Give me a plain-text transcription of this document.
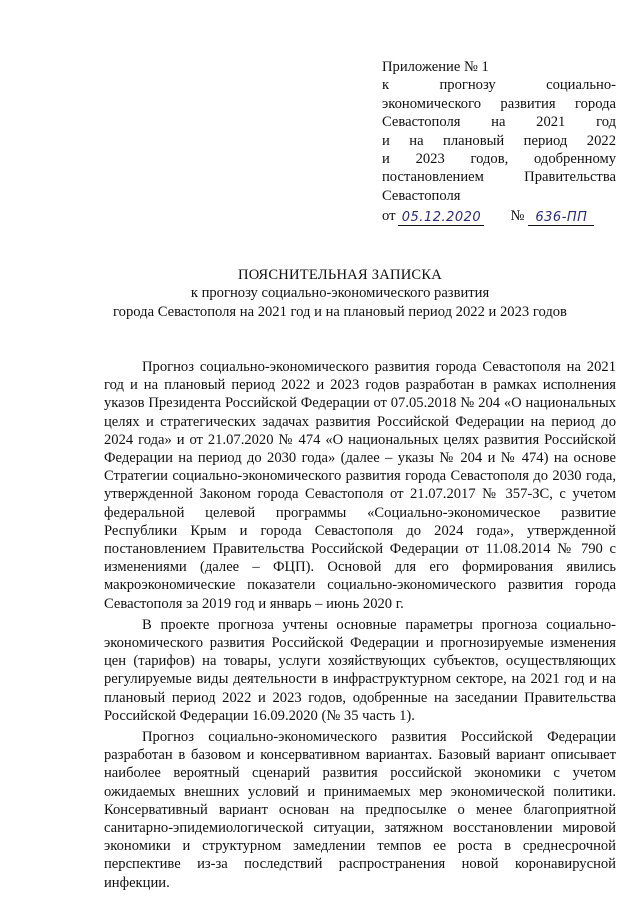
Приложение № 1
к прогнозу социально-
экономического развития города
Севастополя на 2021 год
и на плановый период 2022
и 2023 годов, одобренному
постановлением Правительства
Севастополя
от 05.12.2020 № 636-ПП
ПОЯСНИТЕЛЬНАЯ ЗАПИСКА
к прогнозу социально-экономического развития
города Севастополя на 2021 год и на плановый период 2022 и 2023 годов

Прогноз социально-экономического развития города Севастополя на 2021 год и на плановый период 2022 и 2023 годов разработан в рамках исполнения указов Президента Российской Федерации от 07.05.2018 № 204 «О национальных целях и стратегических задачах развития Российской Федерации на период до 2024 года» и от 21.07.2020 № 474 «О национальных целях развития Российской Федерации на период до 2030 года» (далее – указы № 204 и № 474) на основе Стратегии социально-экономического развития города Севастополя до 2030 года, утвержденной Законом города Севастополя от 21.07.2017 № 357-ЗС, с учетом федеральной целевой программы «Социально-экономическое развитие Республики Крым и города Севастополя до 2024 года», утвержденной постановлением Правительства Российской Федерации от 11.08.2014 № 790 с изменениями (далее – ФЦП). Основой для его формирования явились макроэкономические показатели социально-экономического развития города Севастополя за 2019 год и январь – июнь 2020 г.

В проекте прогноза учтены основные параметры прогноза социально-экономического развития Российской Федерации и прогнозируемые изменения цен (тарифов) на товары, услуги хозяйствующих субъектов, осуществляющих регулируемые виды деятельности в инфраструктурном секторе, на 2021 год и на плановый период 2022 и 2023 годов, одобренные на заседании Правительства Российской Федерации 16.09.2020 (№ 35 часть 1).

Прогноз социально-экономического развития Российской Федерации разработан в базовом и консервативном вариантах. Базовый вариант описывает наиболее вероятный сценарий развития российской экономики с учетом ожидаемых внешних условий и принимаемых мер экономической политики. Консервативный вариант основан на предпосылке о менее благоприятной санитарно-эпидемиологической ситуации, затяжном восстановлении мировой экономики и структурном замедлении темпов ее роста в среднесрочной перспективе из-за последствий распространения новой коронавирусной инфекции.
